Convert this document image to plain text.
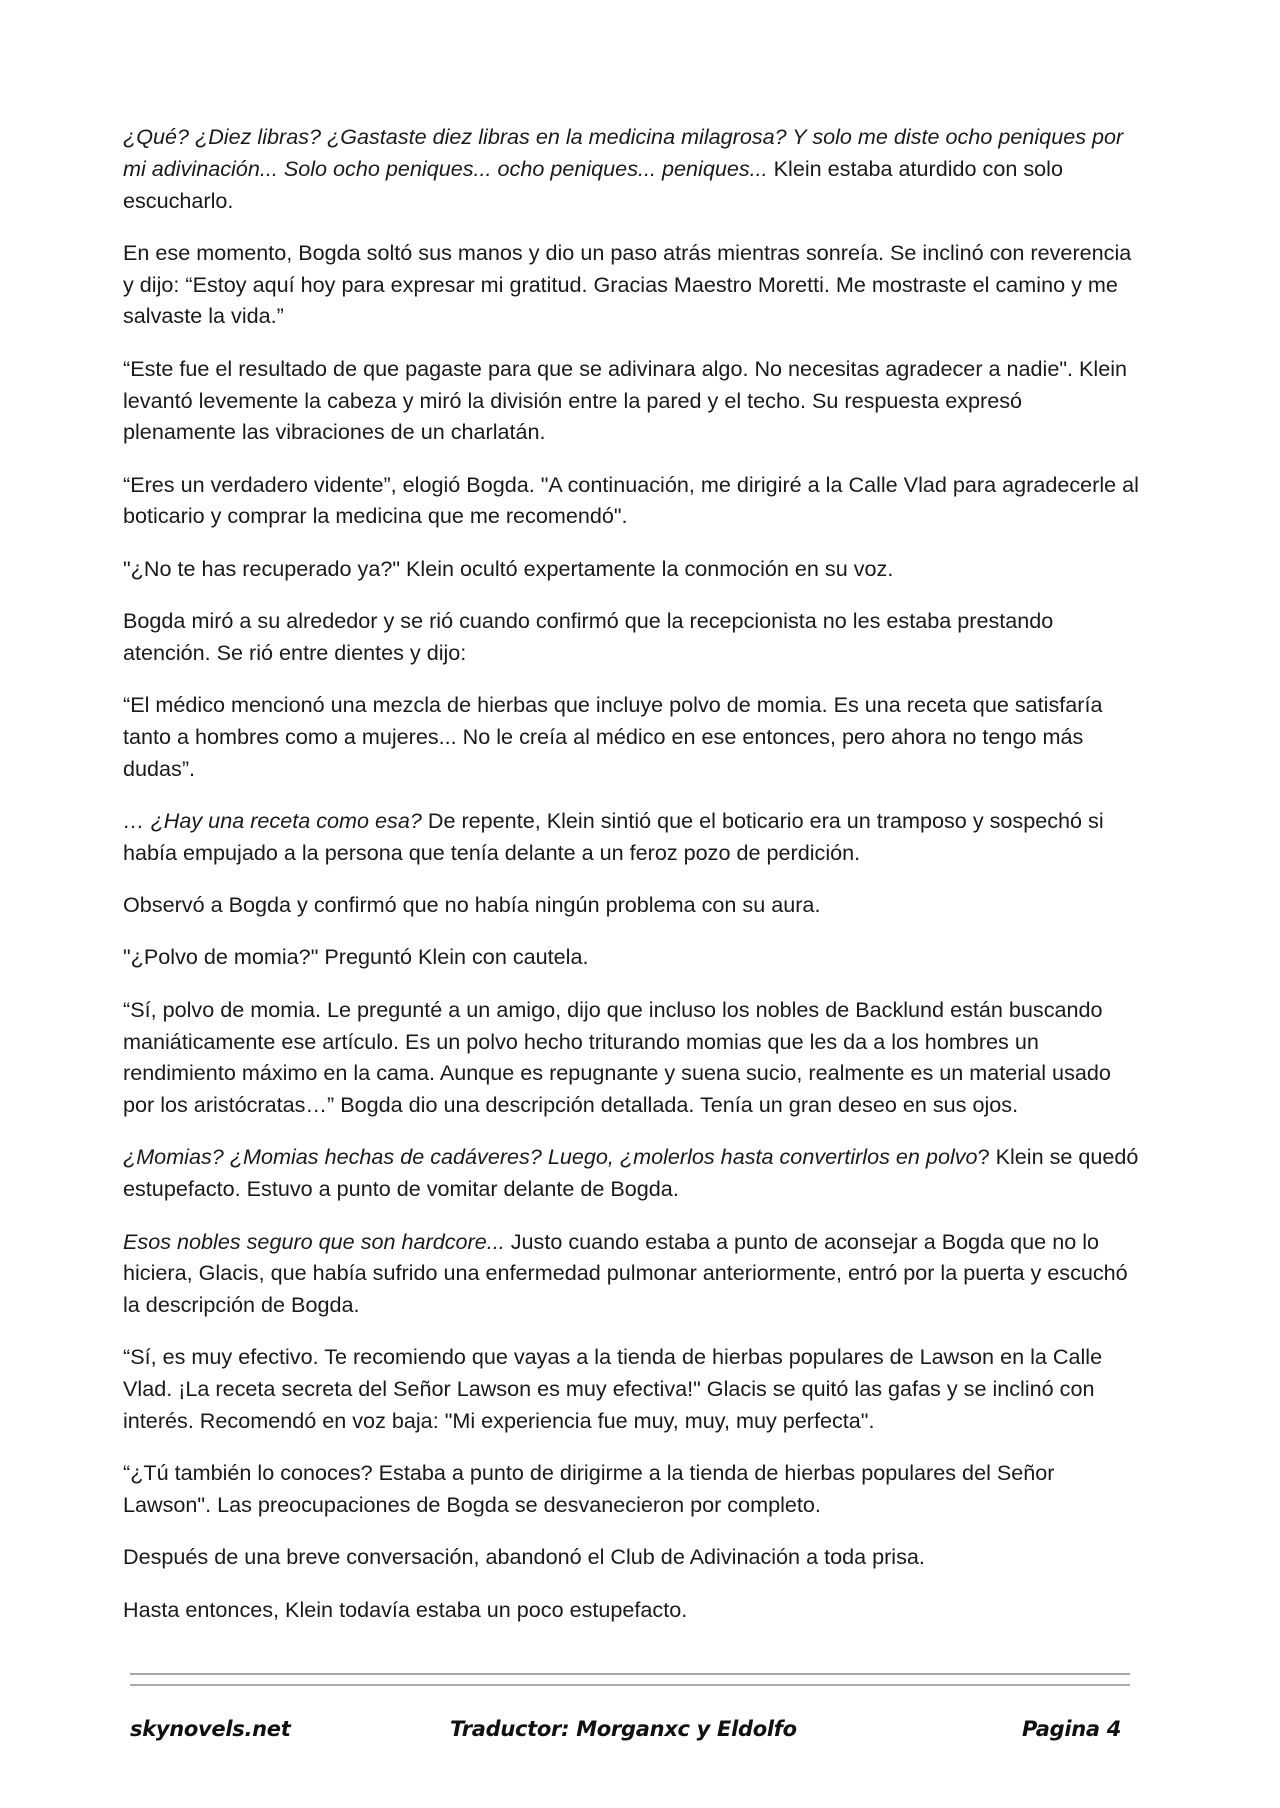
¿Qué? ¿Diez libras? ¿Gastaste diez libras en la medicina milagrosa? Y solo me diste ocho peniques por mi adivinación... Solo ocho peniques... ocho peniques... peniques... Klein estaba aturdido con solo escucharlo.

En ese momento, Bogda soltó sus manos y dio un paso atrás mientras sonreía. Se inclinó con reverencia y dijo: “Estoy aquí hoy para expresar mi gratitud. Gracias Maestro Moretti. Me mostraste el camino y me salvaste la vida.”

“Este fue el resultado de que pagaste para que se adivinara algo. No necesitas agradecer a nadie". Klein levantó levemente la cabeza y miró la división entre la pared y el techo. Su respuesta expresó plenamente las vibraciones de un charlatán.

“Eres un verdadero vidente”, elogió Bogda. "A continuación, me dirigiré a la Calle Vlad para agradecerle al boticario y comprar la medicina que me recomendó".

"¿No te has recuperado ya?" Klein ocultó expertamente la conmoción en su voz.

Bogda miró a su alrededor y se rió cuando confirmó que la recepcionista no les estaba prestando atención. Se rió entre dientes y dijo:

“El médico mencionó una mezcla de hierbas que incluye polvo de momia. Es una receta que satisfaría tanto a hombres como a mujeres... No le creía al médico en ese entonces, pero ahora no tengo más dudas”.

… ¿Hay una receta como esa? De repente, Klein sintió que el boticario era un tramposo y sospechó si había empujado a la persona que tenía delante a un feroz pozo de perdición.

Observó a Bogda y confirmó que no había ningún problema con su aura.

"¿Polvo de momia?" Preguntó Klein con cautela.

“Sí, polvo de momia. Le pregunté a un amigo, dijo que incluso los nobles de Backlund están buscando maniáticamente ese artículo. Es un polvo hecho triturando momias que les da a los hombres un rendimiento máximo en la cama. Aunque es repugnante y suena sucio, realmente es un material usado por los aristócratas…” Bogda dio una descripción detallada. Tenía un gran deseo en sus ojos.

¿Momias? ¿Momias hechas de cadáveres? Luego, ¿molerlos hasta convertirlos en polvo? Klein se quedó estupefacto. Estuvo a punto de vomitar delante de Bogda.

Esos nobles seguro que son hardcore... Justo cuando estaba a punto de aconsejar a Bogda que no lo hiciera, Glacis, que había sufrido una enfermedad pulmonar anteriormente, entró por la puerta y escuchó la descripción de Bogda.

“Sí, es muy efectivo. Te recomiendo que vayas a la tienda de hierbas populares de Lawson en la Calle Vlad. ¡La receta secreta del Señor Lawson es muy efectiva!" Glacis se quitó las gafas y se inclinó con interés. Recomendó en voz baja: "Mi experiencia fue muy, muy, muy perfecta".

“¿Tú también lo conoces? Estaba a punto de dirigirme a la tienda de hierbas populares del Señor Lawson". Las preocupaciones de Bogda se desvanecieron por completo.

Después de una breve conversación, abandonó el Club de Adivinación a toda prisa.

Hasta entonces, Klein todavía estaba un poco estupefacto.

skynovels.net	Traductor: Morganxc y Eldolfo	Pagina 4
